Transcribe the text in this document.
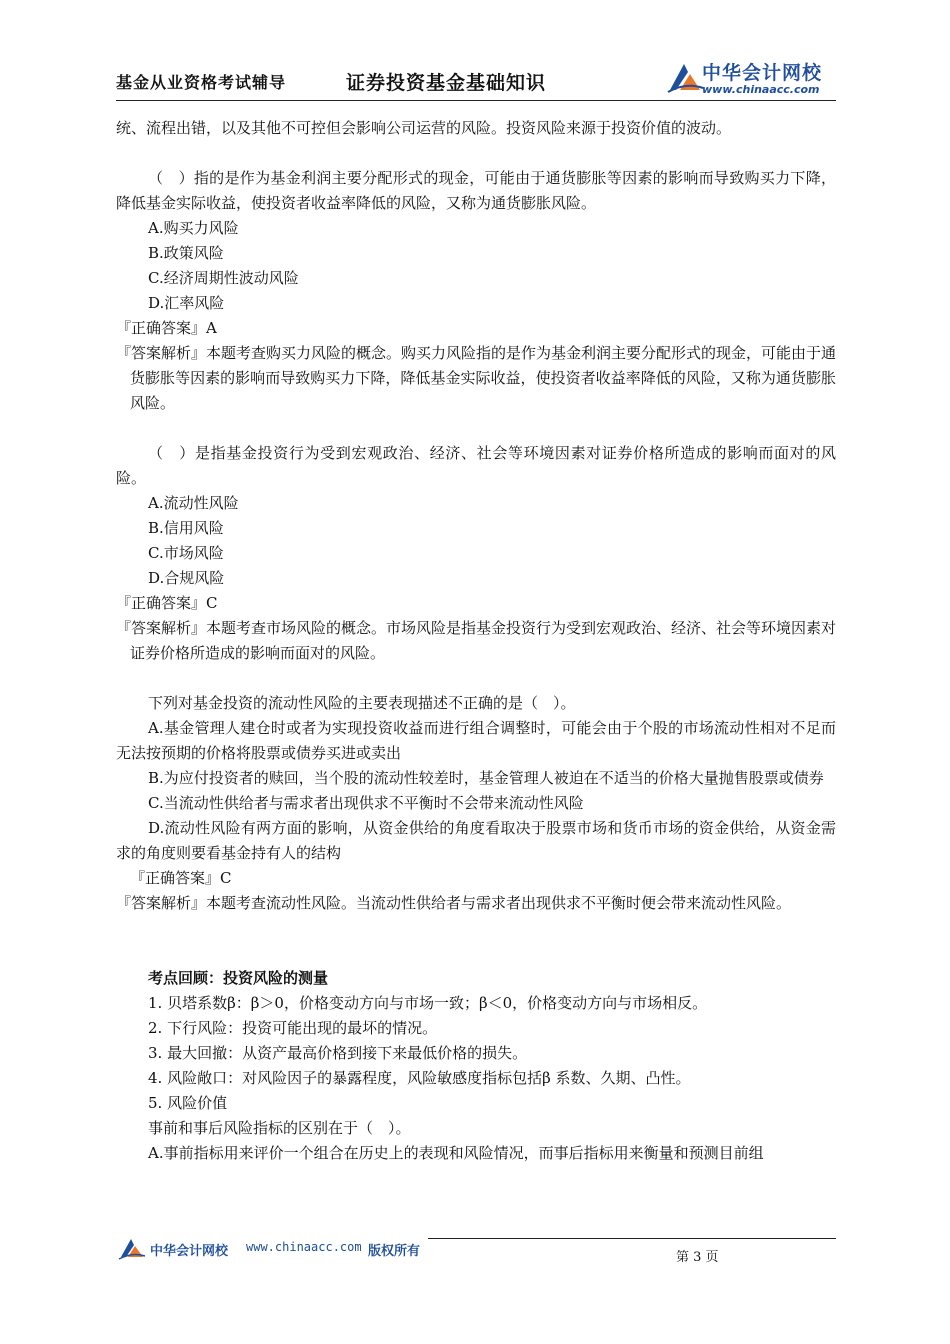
基金从业资格考试辅导	证券投资基金基础知识	中华会计网校
www.chinaacc.com
统、流程出错，以及其他不可控但会影响公司运营的风险。投资风险来源于投资价值的波动。
（　）指的是作为基金利润主要分配形式的现金，可能由于通货膨胀等因素的影响而导致购买力下降，降低基金实际收益，使投资者收益率降低的风险，又称为通货膨胀风险。
A.购买力风险
B.政策风险
C.经济周期性波动风险
D.汇率风险
『正确答案』A
『答案解析』本题考查购买力风险的概念。购买力风险指的是作为基金利润主要分配形式的现金，可能由于通货膨胀等因素的影响而导致购买力下降，降低基金实际收益，使投资者收益率降低的风险，又称为通货膨胀风险。
（　）是指基金投资行为受到宏观政治、经济、社会等环境因素对证券价格所造成的影响而面对的风险。
A.流动性风险
B.信用风险
C.市场风险
D.合规风险
『正确答案』C
『答案解析』本题考查市场风险的概念。市场风险是指基金投资行为受到宏观政治、经济、社会等环境因素对证券价格所造成的影响而面对的风险。
下列对基金投资的流动性风险的主要表现描述不正确的是（　）。
A.基金管理人建仓时或者为实现投资收益而进行组合调整时，可能会由于个股的市场流动性相对不足而无法按预期的价格将股票或债券买进或卖出
B.为应付投资者的赎回，当个股的流动性较差时，基金管理人被迫在不适当的价格大量抛售股票或债券
C.当流动性供给者与需求者出现供求不平衡时不会带来流动性风险
D.流动性风险有两方面的影响，从资金供给的角度看取决于股票市场和货币市场的资金供给，从资金需求的角度则要看基金持有人的结构
『正确答案』C
『答案解析』本题考查流动性风险。当流动性供给者与需求者出现供求不平衡时便会带来流动性风险。
考点回顾：投资风险的测量
1. 贝塔系数β：β＞0，价格变动方向与市场一致；β＜0，价格变动方向与市场相反。
2. 下行风险：投资可能出现的最坏的情况。
3. 最大回撤：从资产最高价格到接下来最低价格的损失。
4. 风险敞口：对风险因子的暴露程度，风险敏感度指标包括β 系数、久期、凸性。
5. 风险价值
事前和事后风险指标的区别在于（　）。
A.事前指标用来评价一个组合在历史上的表现和风险情况，而事后指标用来衡量和预测目前组
中华会计网校 www.chinaacc.com 版权所有	第 3 页
